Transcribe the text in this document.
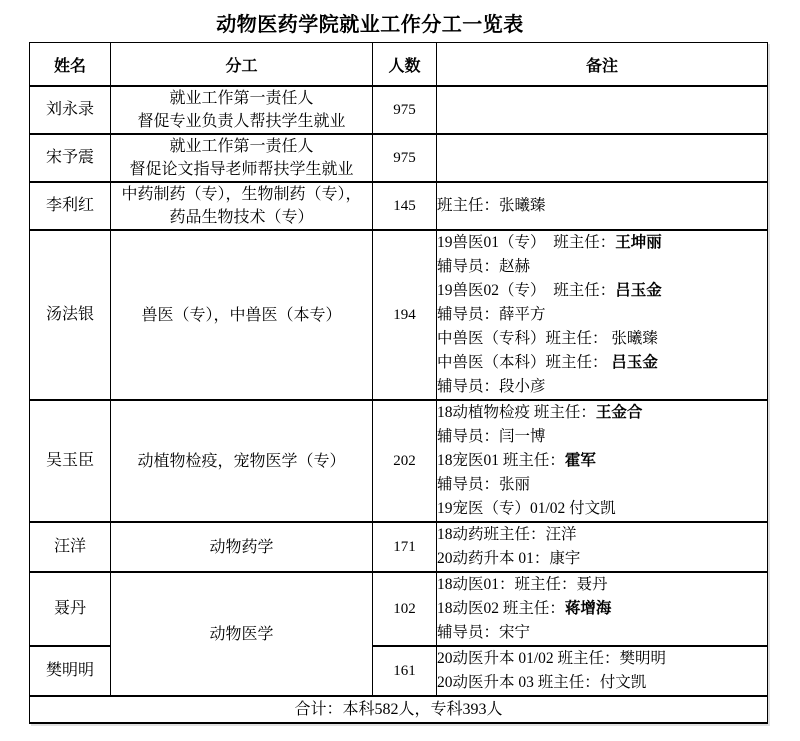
动物医药学院就业工作分工一览表
姓名	分工	人数	备注
刘永录	就业工作第一责任人
督促专业负责人帮扶学生就业	975	
宋予震	就业工作第一责任人
督促论文指导老师帮扶学生就业	975	
李利红	中药制药（专），生物制药（专），
药品生物技术（专）	145	班主任：张曦臻

汤法银	兽医（专），中兽医（本专）	194	
19兽医01（专）　班主任：王坤丽
辅导员：赵赫
19兽医02（专）　班主任：吕玉金
辅导员：薛平方
中兽医（专科）班主任： 张曦臻
中兽医（本科）班主任： 吕玉金
辅导员：段小彦

吴玉臣	动植物检疫，宠物医学（专）	202	18动植物检疫 班主任：王金合
辅导员：闫一博
18宠医01 班主任：霍军
辅导员：张丽
19宠医（专）01/02 付文凯

汪洋	动物药学	171	18动药班主任：汪洋
20动药升本 01：康宇

聂丹	动物医学	102	18动医01：班主任：聂丹
18动医02 班主任：蒋增海
辅导员：宋宁

樊明明		161	20动医升本 01/02 班主任：樊明明
20动医升本 03 班主任：付文凯

合计：本科582人，专科393人			
